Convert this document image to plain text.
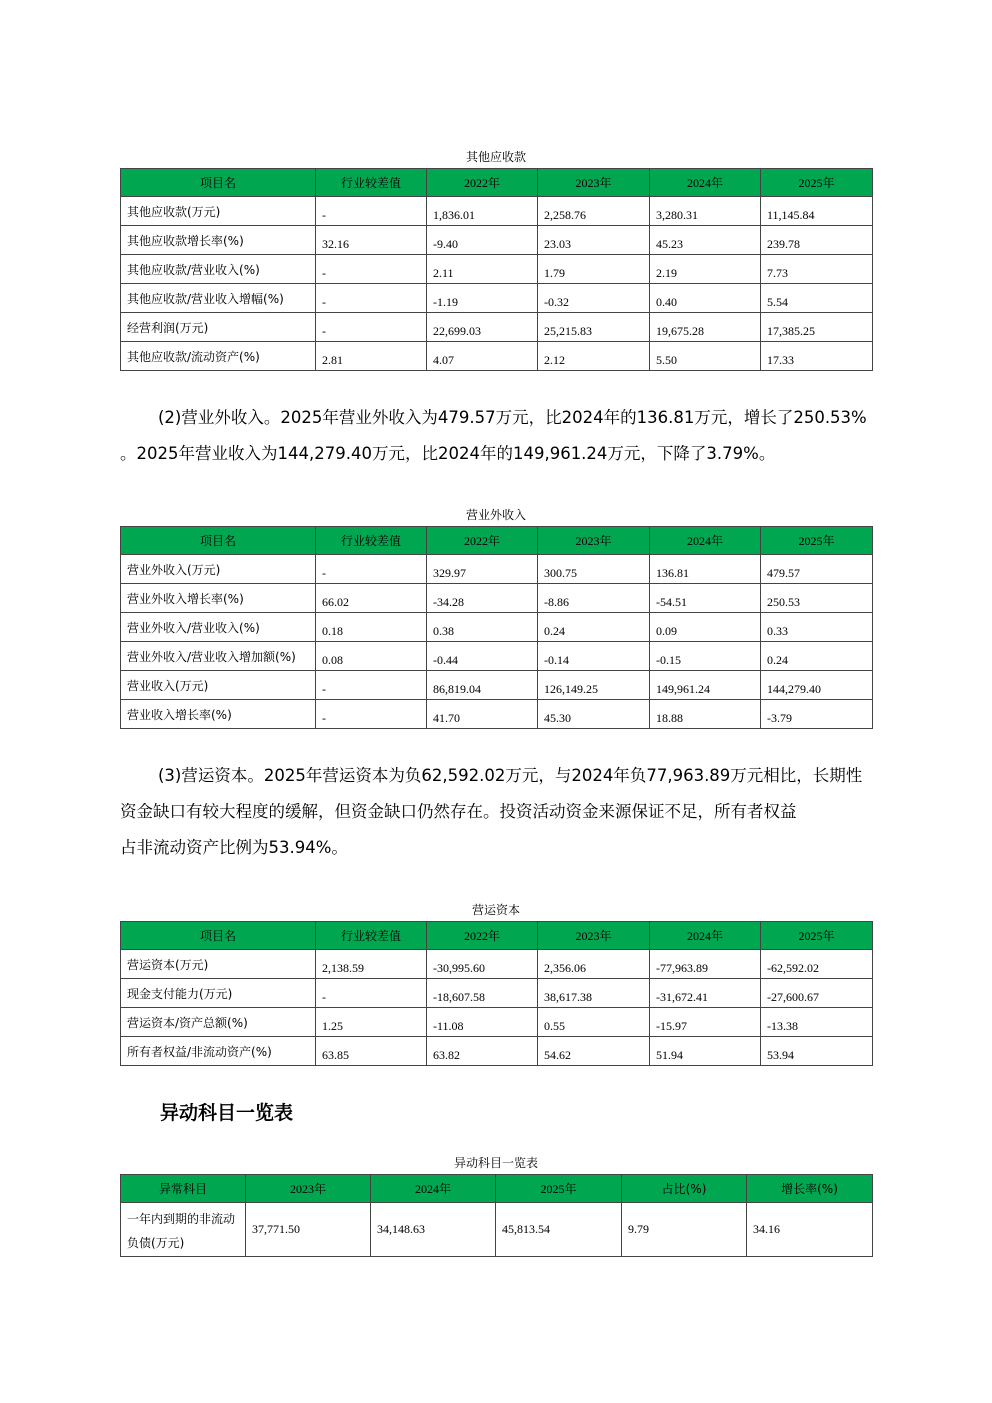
其他应收款
项目名	行业较差值	2022年	2023年	2024年	2025年
其他应收款(万元)	-	1,836.01	2,258.76	3,280.31	11,145.84
其他应收款增长率(%)	32.16	-9.40	23.03	45.23	239.78
其他应收款/营业收入(%)	-	2.11	1.79	2.19	7.73
其他应收款/营业收入增幅(%)	-	-1.19	-0.32	0.40	5.54
经营利润(万元)	-	22,699.03	25,215.83	19,675.28	17,385.25
其他应收款/流动资产(%)	2.81	4.07	2.12	5.50	17.33
(2)营业外收入。2025年营业外收入为479.57万元，比2024年的136.81万元，增长了250.53%
。2025年营业收入为144,279.40万元，比2024年的149,961.24万元，下降了3.79%。
营业外收入
项目名	行业较差值	2022年	2023年	2024年	2025年
营业外收入(万元)	-	329.97	300.75	136.81	479.57
营业外收入增长率(%)	66.02	-34.28	-8.86	-54.51	250.53
营业外收入/营业收入(%)	0.18	0.38	0.24	0.09	0.33
营业外收入/营业收入增加额(%)	0.08	-0.44	-0.14	-0.15	0.24
营业收入(万元)	-	86,819.04	126,149.25	149,961.24	144,279.40
营业收入增长率(%)	-	41.70	45.30	18.88	-3.79
(3)营运资本。2025年营运资本为负62,592.02万元，与2024年负77,963.89万元相比，长期性
资金缺口有较大程度的缓解，但资金缺口仍然存在。投资活动资金来源保证不足，所有者权益
占非流动资产比例为53.94%。
营运资本
项目名	行业较差值	2022年	2023年	2024年	2025年
营运资本(万元)	2,138.59	-30,995.60	2,356.06	-77,963.89	-62,592.02
现金支付能力(万元)	-	-18,607.58	38,617.38	-31,672.41	-27,600.67
营运资本/资产总额(%)	1.25	-11.08	0.55	-15.97	-13.38
所有者权益/非流动资产(%)	63.85	63.82	54.62	51.94	53.94
异动科目一览表
异动科目一览表
异常科目	2023年	2024年	2025年	占比(%)	增长率(%)
一年内到期的非流动负债(万元)	37,771.50	34,148.63	45,813.54	9.79	34.16
